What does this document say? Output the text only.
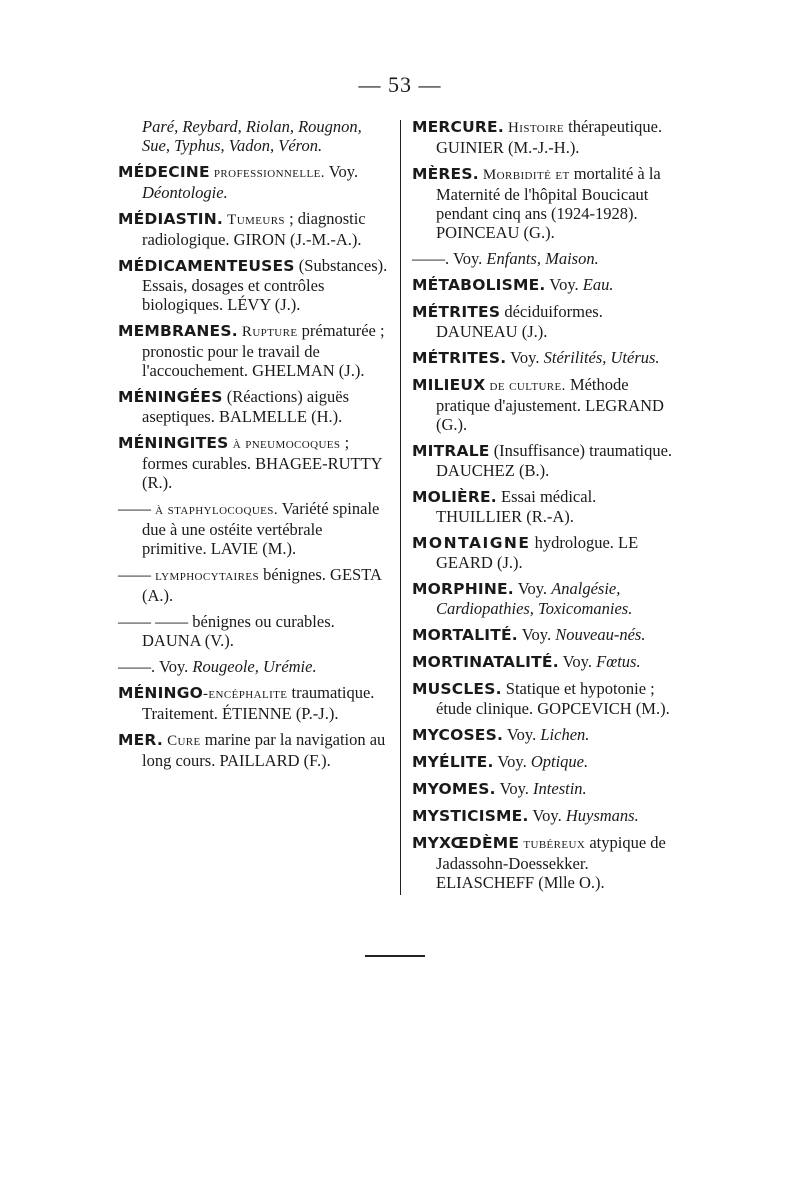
— 53 —
Paré, Reybard, Riolan, Rougnon, Sue, Typhus, Vadon, Véron.
MÉDECINE professionnelle. Voy. Déontologie.
MÉDIASTIN. Tumeurs ; diagnostic radiologique. GIRON (J.-M.-A.).
MÉDICAMENTEUSES (Substances). Essais, dosages et contrôles biologiques. LÉVY (J.).
MEMBRANES. Rupture prématurée ; pronostic pour le travail de l'accouchement. GHELMAN (J.).
MÉNINGÉES (Réactions) aiguës aseptiques. BALMELLE (H.).
MÉNINGITES à pneumocoques ; formes curables. BHAGEE-RUTTY (R.).
—— à staphylocoques. Variété spinale due à une ostéite vertébrale primitive. LAVIE (M.).
—— lymphocytaires bénignes. GESTA (A.).
—— —— bénignes ou curables. DAUNA (V.).
——. Voy. Rougeole, Urémie.
MÉNINGO-encéphalite traumatique. Traitement. ÉTIENNE (P.-J.).
MER. Cure marine par la navigation au long cours. PAILLARD (F.).
MERCURE. Histoire thérapeutique. GUINIER (M.-J.-H.).
MÈRES. Morbidité et mortalité à la Maternité de l'hôpital Boucicaut pendant cinq ans (1924-1928). POINCEAU (G.).
——. Voy. Enfants, Maison.
MÉTABOLISME. Voy. Eau.
MÉTRITES déciduiformes. DAUNEAU (J.).
MÉTRITES. Voy. Stérilités, Utérus.
MILIEUX de culture. Méthode pratique d'ajustement. LEGRAND (G.).
MITRALE (Insuffisance) traumatique. DAUCHEZ (B.).
MOLIÈRE. Essai médical. THUILLIER (R.-A).
MONTAIGNE hydrologue. LE GEARD (J.).
MORPHINE. Voy. Analgésie, Cardiopathies, Toxicomanies.
MORTALITÉ. Voy. Nouveau-nés.
MORTINATALITÉ. Voy. Fœtus.
MUSCLES. Statique et hypotonie ; étude clinique. GOPCEVICH (M.).
MYCOSES. Voy. Lichen.
MYÉLITE. Voy. Optique.
MYOMES. Voy. Intestin.
MYSTICISME. Voy. Huysmans.
MYXŒDÈME tubéreux atypique de Jadassohn-Doessekker. ELIASCHEFF (Mlle O.).
